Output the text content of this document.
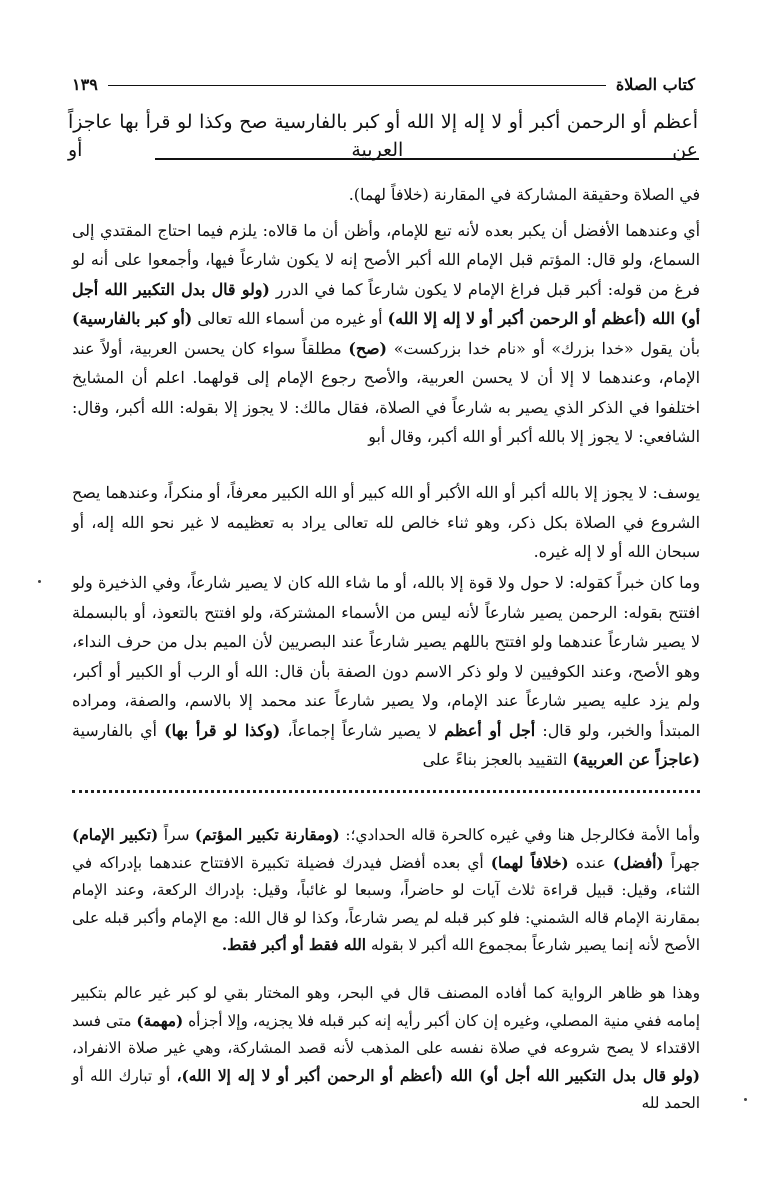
كتاب الصلاة
١٣٩
أعظم أو الرحمن أكبر أو لا إله إلا الله أو كبر بالفارسية صح وكذا لو قرأ بها عاجزاً عن العربية أو

في الصلاة وحقيقة المشاركة في المقارنة (خلافاً لهما).

أي وعندهما الأفضل أن يكبر بعده لأنه تبع للإمام، وأظن أن ما قالاه: يلزم فيما احتاج المقتدي إلى السماع، ولو قال: المؤتم قبل الإمام الله أكبر الأصح إنه لا يكون شارعاً فيها، وأجمعوا على أنه لو فرغ من قوله: أكبر قبل فراغ الإمام لا يكون شارعاً كما في الدرر (ولو قال بدل التكبير الله أجل أو) الله (أعظم أو الرحمن أكبر أو لا إله إلا الله) أو غيره من أسماء الله تعالى (أو كبر بالفارسية) بأن يقول «خدا بزرك» أو «نام خدا بزركست» (صح) مطلقاً سواء كان يحسن العربية، أولاً عند الإمام، وعندهما لا إلا أن لا يحسن العربية، والأصح رجوع الإمام إلى قولهما. اعلم أن المشايخ اختلفوا في الذكر الذي يصير به شارعاً في الصلاة، فقال مالك: لا يجوز إلا بقوله: الله أكبر، وقال: الشافعي: لا يجوز إلا بالله أكبر أو الله أكبر، وقال أبو

يوسف: لا يجوز إلا بالله أكبر أو الله الأكبر أو الله كبير أو الله الكبير معرفاً، أو منكراً، وعندهما يصح الشروع في الصلاة بكل ذكر، وهو ثناء خالص لله تعالى يراد به تعظيمه لا غير نحو الله إله، أو سبحان الله أو لا إله غيره.

وما كان خبراً كقوله: لا حول ولا قوة إلا بالله، أو ما شاء الله كان لا يصير شارعاً، وفي الذخيرة ولو افتتح بقوله: الرحمن يصير شارعاً لأنه ليس من الأسماء المشتركة، ولو افتتح بالتعوذ، أو بالبسملة لا يصير شارعاً عندهما ولو افتتح باللهم يصير شارعاً عند البصريين لأن الميم بدل من حرف النداء، وهو الأصح، وعند الكوفيين لا ولو ذكر الاسم دون الصفة بأن قال: الله أو الرب أو الكبير أو أكبر، ولم يزد عليه يصير شارعاً عند الإمام، ولا يصير شارعاً عند محمد إلا بالاسم، والصفة، ومراده المبتدأ والخبر، ولو قال: أجل أو أعظم لا يصير شارعاً إجماعاً، (وكذا لو قرأ بها) أي بالفارسية (عاجزاً عن العربية) التقييد بالعجز بناءً على

وأما الأمة فكالرجل هنا وفي غيره كالحرة قاله الحدادي؛: (ومقارنة تكبير المؤتم) سراً (تكبير الإمام) جهراً (أفضل) عنده (خلافاً لهما) أي بعده أفضل فيدرك فضيلة تكبيرة الافتتاح عندهما بإدراكه في الثناء، وقيل: قبيل قراءة ثلاث آيات لو حاضراً، وسبعا لو غائباً، وقيل: بإدراك الركعة، وعند الإمام بمقارنة الإمام قاله الشمني: فلو كبر قبله لم يصر شارعاً، وكذا لو قال الله: مع الإمام وأكبر قبله على الأصح لأنه إنما يصير شارعاً بمجموع الله أكبر لا بقوله الله فقط أو أكبر فقط.

وهذا هو ظاهر الرواية كما أفاده المصنف قال في البحر، وهو المختار بقي لو كبر غير عالم بتكبير إمامه ففي منية المصلي، وغيره إن كان أكبر رأيه إنه كبر قبله فلا يجزيه، وإلا أجزأه (مهمة) متى فسد الاقتداء لا يصح شروعه في صلاة نفسه على المذهب لأنه قصد المشاركة، وهي غير صلاة الانفراد، (ولو قال بدل التكبير الله أجل أو) الله (أعظم أو الرحمن أكبر أو لا إله إلا الله)، أو تبارك الله أو الحمد لله
